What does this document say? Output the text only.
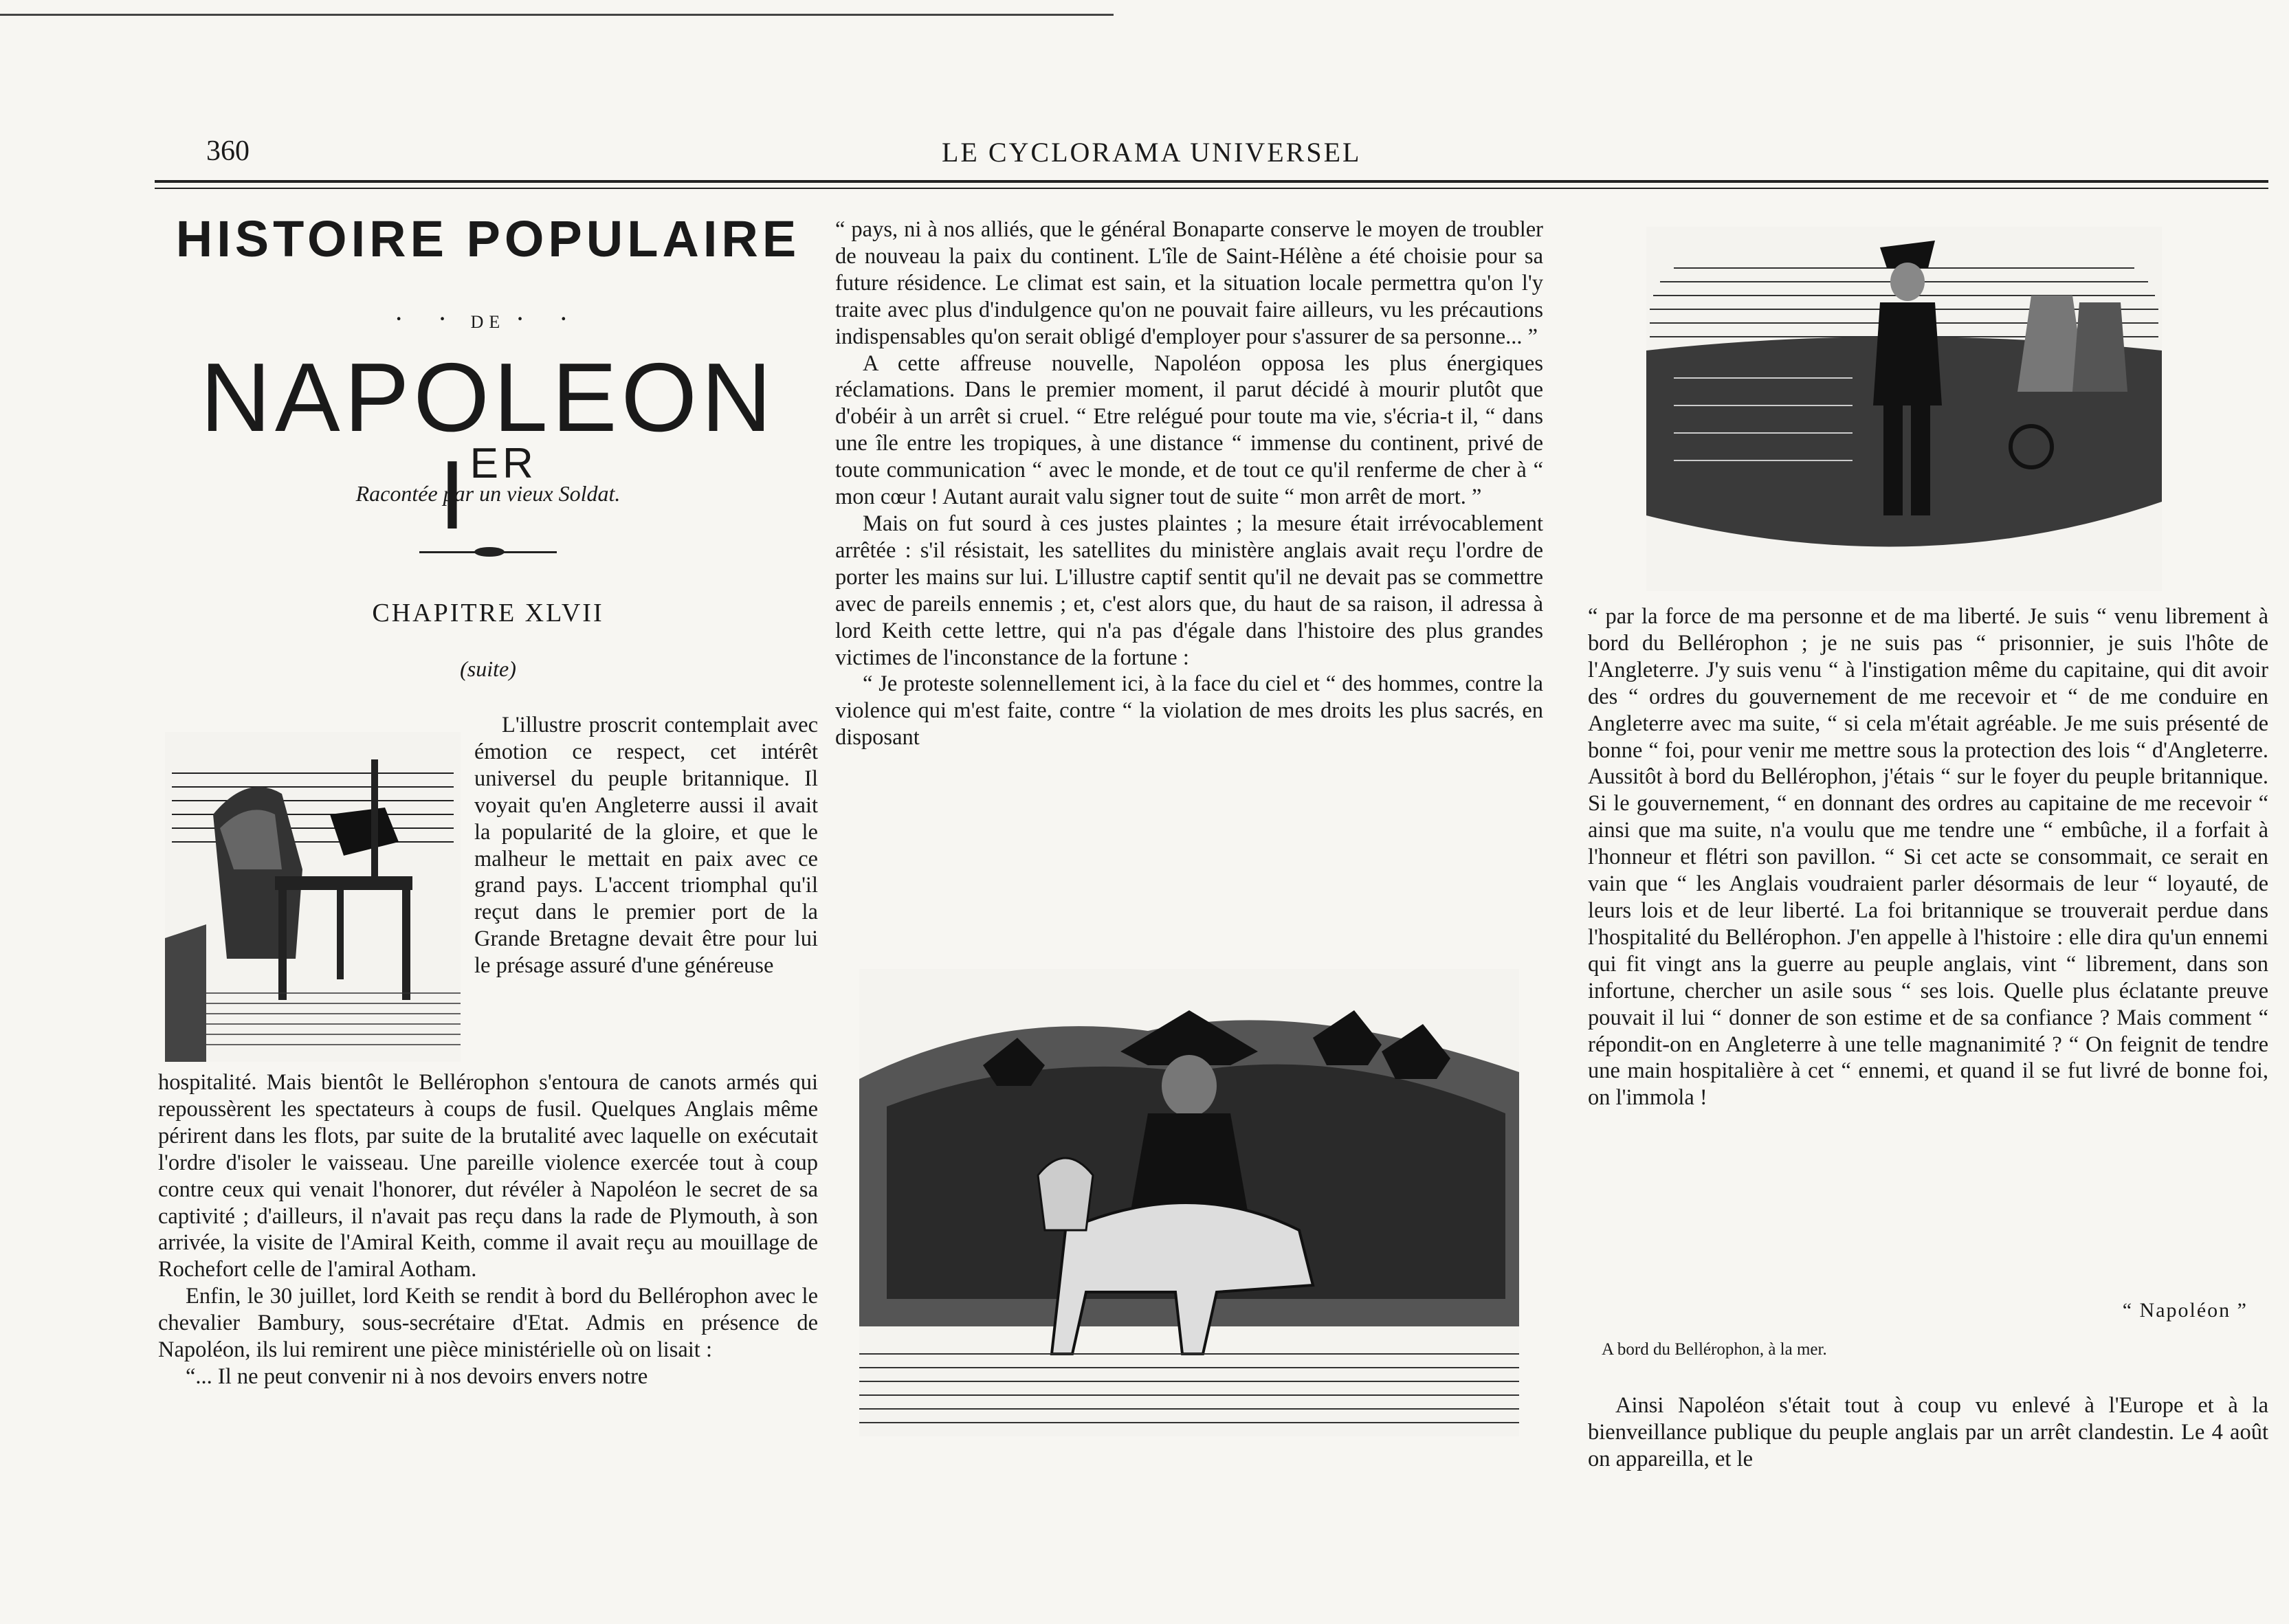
360	LE CYCLORAMA UNIVERSEL
HISTOIRE POPULAIRE
· · DE · ·
NAPOLEON IER
Racontée par un vieux Soldat.
CHAPITRE XLVII
(suite)

L'illustre proscrit contemplait avec émotion ce respect, cet intérêt universel du peuple britannique. Il voyait qu'en Angleterre aussi il avait la popularité de la gloire, et que le malheur le mettait en paix avec ce grand pays. L'accent triomphal qu'il reçut dans le premier port de la Grande Bretagne devait être pour lui le présage assuré d'une généreuse

hospitalité. Mais bientôt le Bellérophon s'entoura de canots armés qui repoussèrent les spectateurs à coups de fusil. Quelques Anglais même périrent dans les flots, par suite de la brutalité avec laquelle on exécutait l'ordre d'isoler le vaisseau. Une pareille violence exercée tout à coup contre ceux qui venait l'honorer, dut révéler à Napoléon le secret de sa captivité ; d'ailleurs, il n'avait pas reçu dans la rade de Plymouth, à son arrivée, la visite de l'Amiral Keith, comme il avait reçu au mouillage de Rochefort celle de l'amiral Aotham.

Enfin, le 30 juillet, lord Keith se rendit à bord du Bellérophon avec le chevalier Bambury, sous-secrétaire d'Etat. Admis en présence de Napoléon, ils lui remirent une pièce ministérielle où on lisait :

“... Il ne peut convenir ni à nos devoirs envers notre

“ pays, ni à nos alliés, que le général Bonaparte conserve le moyen de troubler de nouveau la paix du continent. L'île de Saint-Hélène a été choisie pour sa future résidence. Le climat est sain, et la situation locale permettra qu'on l'y traite avec plus d'indulgence qu'on ne pouvait faire ailleurs, vu les précautions indispensables qu'on serait obligé d'employer pour s'assurer de sa personne... ”

A cette affreuse nouvelle, Napoléon opposa les plus énergiques réclamations. Dans le premier moment, il parut décidé à mourir plutôt que d'obéir à un arrêt si cruel. “ Etre relégué pour toute ma vie, s'écria-t il, “ dans une île entre les tropiques, à une distance “ immense du continent, privé de toute communication “ avec le monde, et de tout ce qu'il renferme de cher à “ mon cœur ! Autant aurait valu signer tout de suite “ mon arrêt de mort. ”

Mais on fut sourd à ces justes plaintes ; la mesure était irrévocablement arrêtée : s'il résistait, les satellites du ministère anglais avait reçu l'ordre de porter les mains sur lui. L'illustre captif sentit qu'il ne devait pas se commettre avec de pareils ennemis ; et, c'est alors que, du haut de sa raison, il adressa à lord Keith cette lettre, qui n'a pas d'égale dans l'histoire des plus grandes victimes de l'inconstance de la fortune :

“ Je proteste solennellement ici, à la face du ciel et “ des hommes, contre la violence qui m'est faite, contre “ la violation de mes droits les plus sacrés, en disposant

“ par la force de ma personne et de ma liberté. Je suis “ venu librement à bord du Bellérophon ; je ne suis pas “ prisonnier, je suis l'hôte de l'Angleterre. J'y suis venu “ à l'instigation même du capitaine, qui dit avoir des “ ordres du gouvernement de me recevoir et “ de me conduire en Angleterre avec ma suite, “ si cela m'était agréable. Je me suis présenté de bonne “ foi, pour venir me mettre sous la protection des lois “ d'Angleterre. Aussitôt à bord du Bellérophon, j'étais “ sur le foyer du peuple britannique. Si le gouvernement, “ en donnant des ordres au capitaine de me recevoir “ ainsi que ma suite, n'a voulu que me tendre une “ embûche, il a forfait à l'honneur et flétri son pavillon. “ Si cet acte se consommait, ce serait en vain que “ les Anglais voudraient parler désormais de leur “ loyauté, de leurs lois et de leur liberté. La foi britannique se trouverait perdue dans l'hospitalité du Bellérophon. J'en appelle à l'histoire : elle dira qu'un ennemi qui fit vingt ans la guerre au peuple anglais, vint “ librement, dans son infortune, chercher un asile sous “ ses lois. Quelle plus éclatante preuve pouvait il lui “ donner de son estime et de sa confiance ? Mais comment “ répondit-on en Angleterre à une telle magnanimité ? “ On feignit de tendre une main hospitalière à cet “ ennemi, et quand il se fut livré de bonne foi, on l'immola !

“ Napoléon ”
A bord du Bellérophon, à la mer.

Ainsi Napoléon s'était tout à coup vu enlevé à l'Europe et à la bienveillance publique du peuple anglais par un arrêt clandestin. Le 4 août on appareilla, et le
